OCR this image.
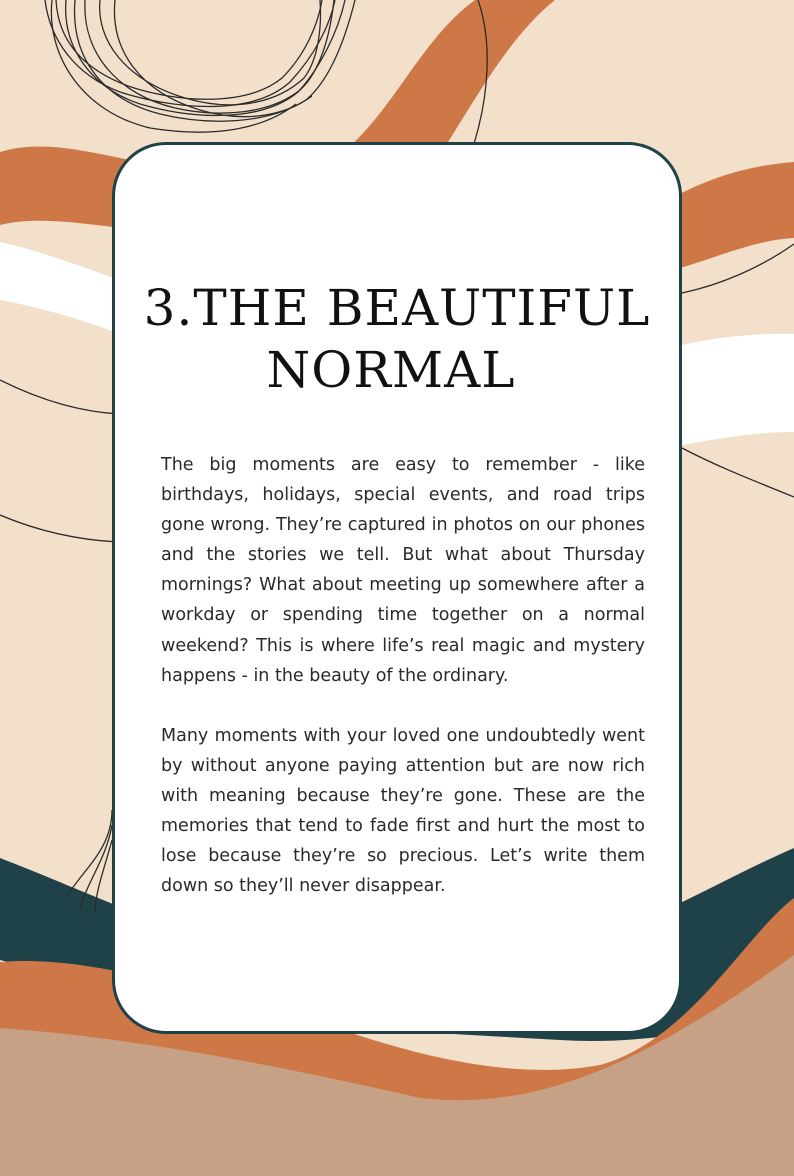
3.THE BEAUTIFUL
NORMAL

The big moments are easy to remember - like birthdays, holidays, special events, and road trips gone wrong. They’re captured in photos on our phones and the stories we tell. But what about Thursday mornings? What about meeting up somewhere after a workday or spending time together on a normal weekend? This is where life’s real magic and mystery happens - in the beauty of the ordinary.

Many moments with your loved one undoubtedly went by without anyone paying attention but are now rich with meaning because they’re gone. These are the memories that tend to fade first and hurt the most to lose because they’re so precious. Let’s write them down so they’ll never disappear.
